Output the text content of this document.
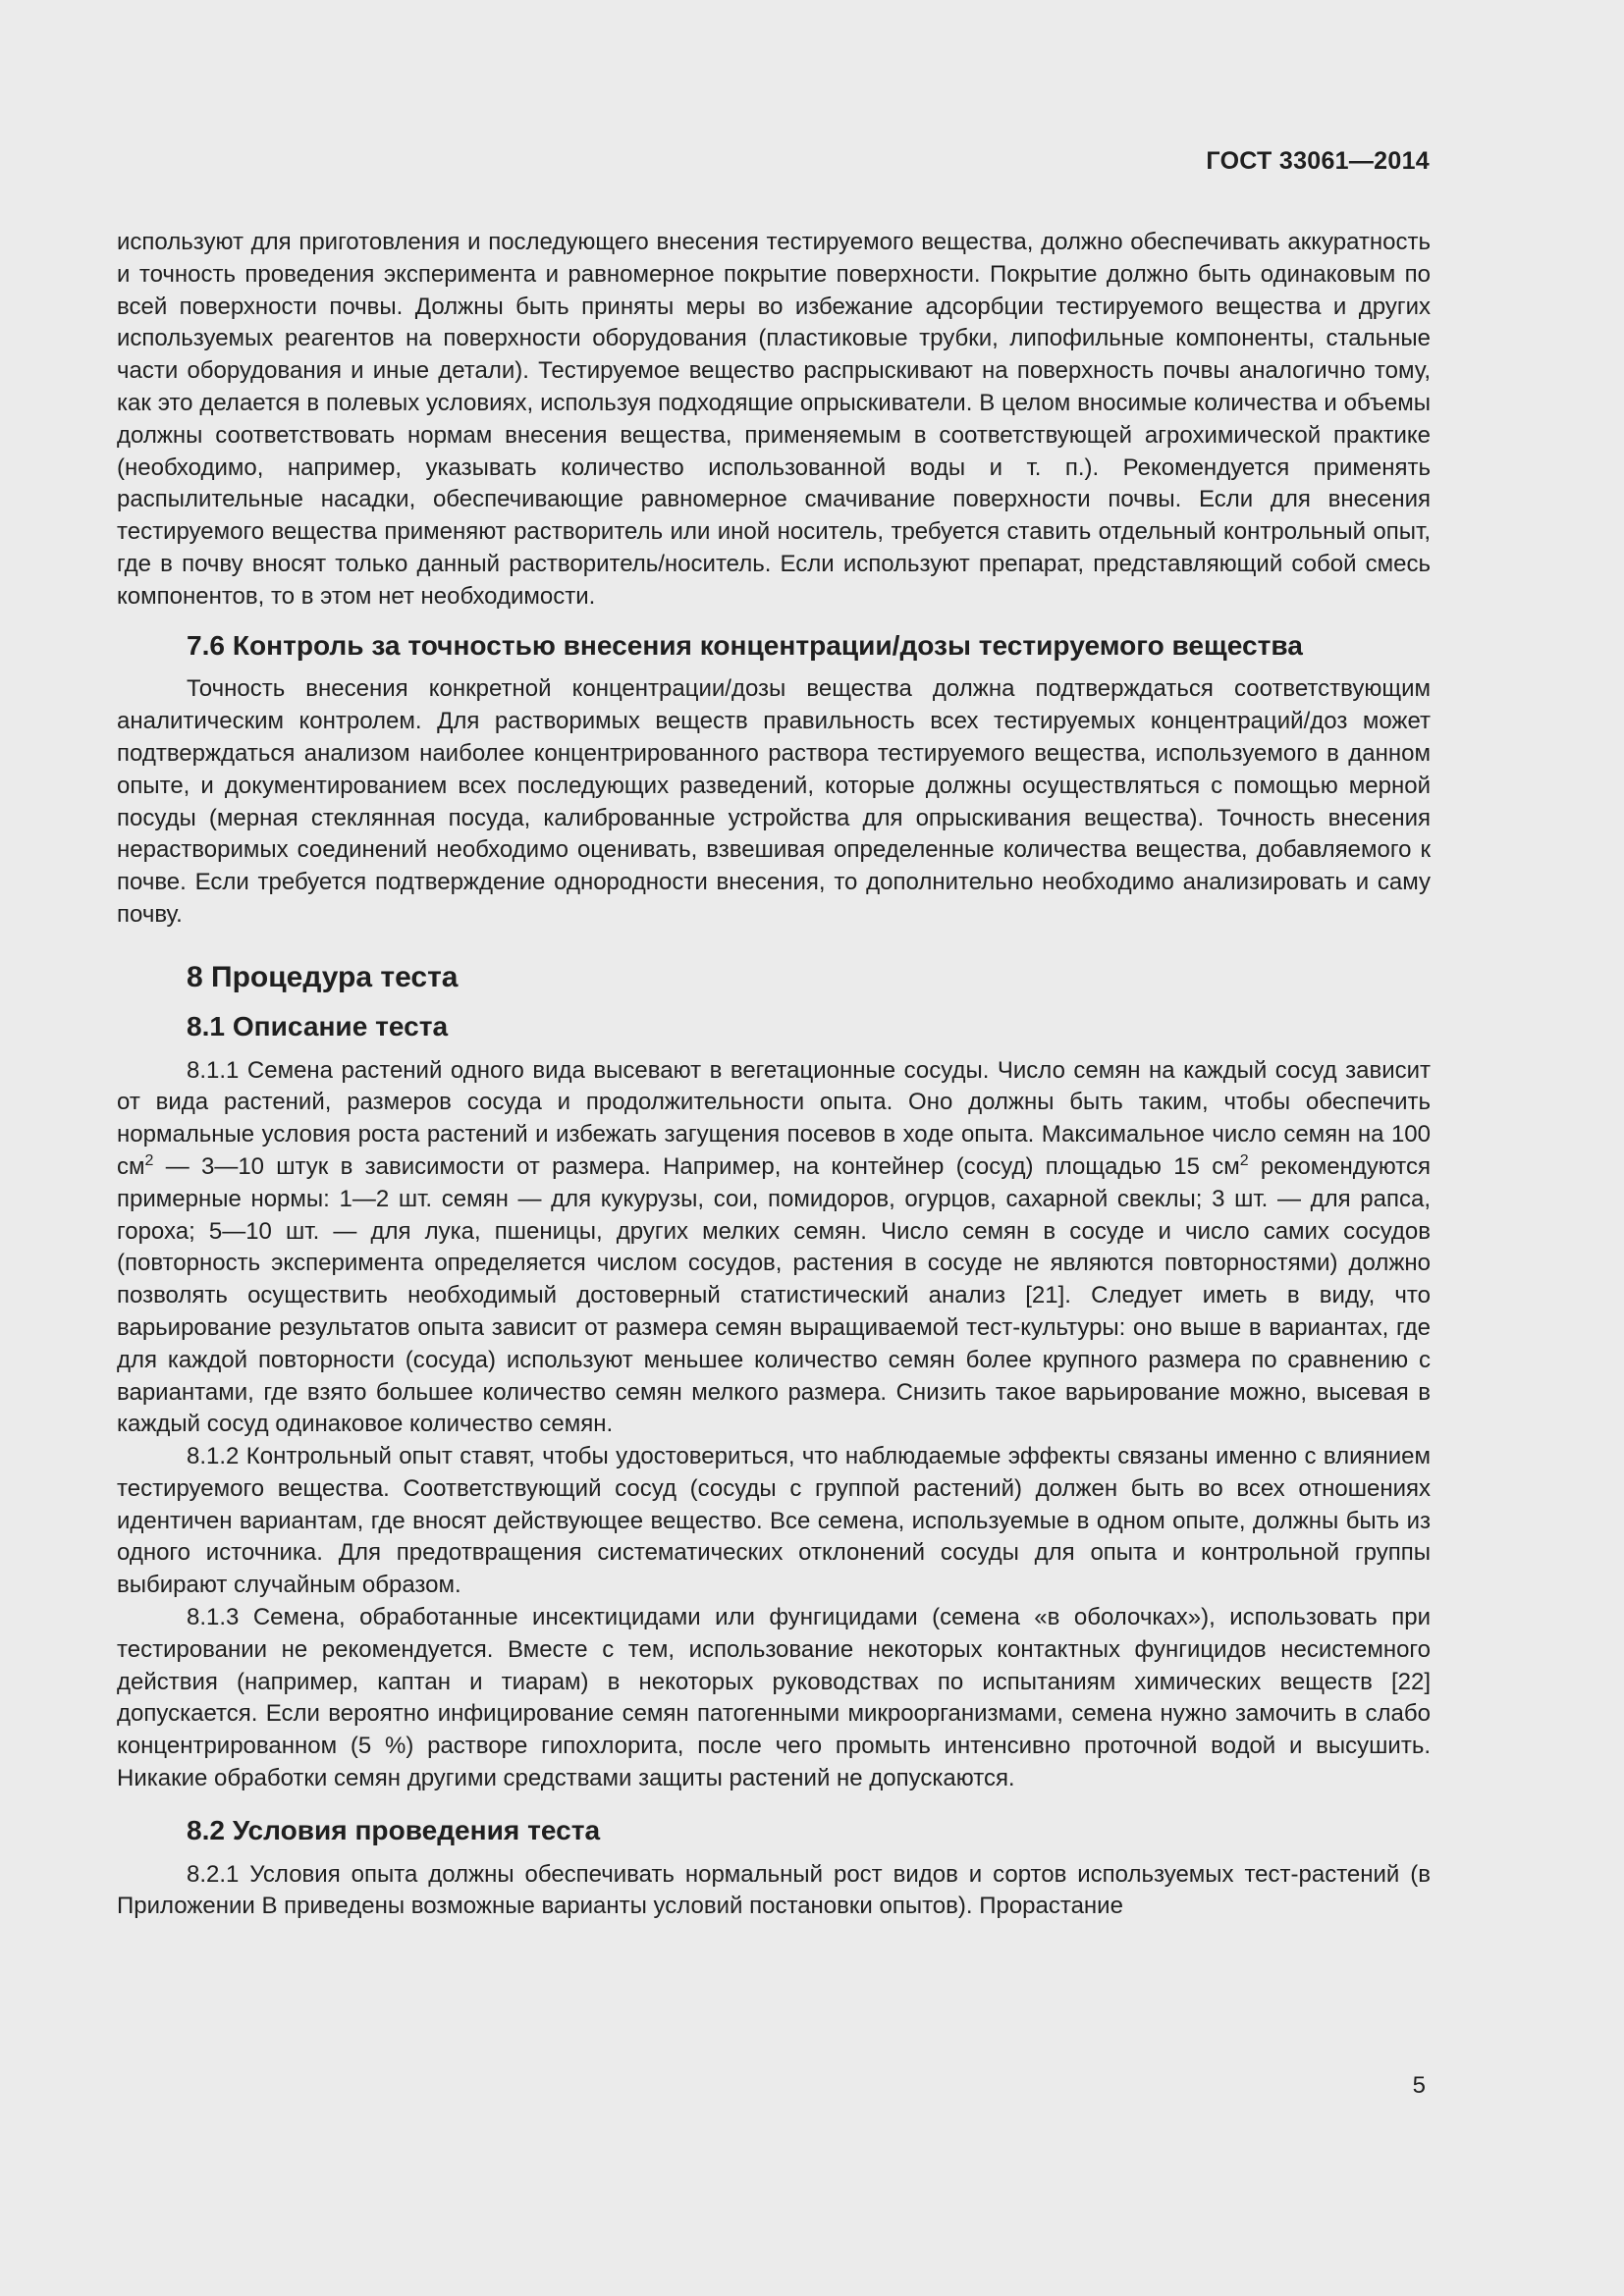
ГОСТ 33061—2014

используют для приготовления и последующего внесения тестируемого вещества, должно обеспечивать аккуратность и точность проведения эксперимента и равномерное покрытие поверхности. Покрытие должно быть одинаковым по всей поверхности почвы. Должны быть приняты меры во избежание адсорбции тестируемого вещества и других используемых реагентов на поверхности оборудования (пластиковые трубки, липофильные компоненты, стальные части оборудования и иные детали). Тестируемое вещество распрыскивают на поверхность почвы аналогично тому, как это делается в полевых условиях, используя подходящие опрыскиватели. В целом вносимые количества и объемы должны соответствовать нормам внесения вещества, применяемым в соответствующей агрохимической практике (необходимо, например, указывать количество использованной воды и т. п.). Рекомендуется применять распылительные насадки, обеспечивающие равномерное смачивание поверхности почвы. Если для внесения тестируемого вещества применяют растворитель или иной носитель, требуется ставить отдельный контрольный опыт, где в почву вносят только данный растворитель/носитель. Если используют препарат, представляющий собой смесь компонентов, то в этом нет необходимости.

7.6 Контроль за точностью внесения концентрации/дозы тестируемого вещества

Точность внесения конкретной концентрации/дозы вещества должна подтверждаться соответствующим аналитическим контролем. Для растворимых веществ правильность всех тестируемых концентраций/доз может подтверждаться анализом наиболее концентрированного раствора тестируемого вещества, используемого в данном опыте, и документированием всех последующих разведений, которые должны осуществляться с помощью мерной посуды (мерная стеклянная посуда, калиброванные устройства для опрыскивания вещества). Точность внесения нерастворимых соединений необходимо оценивать, взвешивая определенные количества вещества, добавляемого к почве. Если требуется подтверждение однородности внесения, то дополнительно необходимо анализировать и саму почву.

8 Процедура теста
8.1 Описание теста

8.1.1 Семена растений одного вида высевают в вегетационные сосуды. Число семян на каждый сосуд зависит от вида растений, размеров сосуда и продолжительности опыта. Оно должны быть таким, чтобы обеспечить нормальные условия роста растений и избежать загущения посевов в ходе опыта. Максимальное число семян на 100 $см^2$ — 3—10 штук в зависимости от размера. Например, на контейнер (сосуд) площадью 15 $см^2$ рекомендуются примерные нормы: 1—2 шт. семян — для кукурузы, сои, помидоров, огурцов, сахарной свеклы; 3 шт. — для рапса, гороха; 5—10 шт. — для лука, пшеницы, других мелких семян. Число семян в сосуде и число самих сосудов (повторность эксперимента определяется числом сосудов, растения в сосуде не являются повторностями) должно позволять осуществить необходимый достоверный статистический анализ [21]. Следует иметь в виду, что варьирование результатов опыта зависит от размера семян выращиваемой тест-культуры: оно выше в вариантах, где для каждой повторности (сосуда) используют меньшее количество семян более крупного размера по сравнению с вариантами, где взято большее количество семян мелкого размера. Снизить такое варьирование можно, высевая в каждый сосуд одинаковое количество семян.

8.1.2 Контрольный опыт ставят, чтобы удостовериться, что наблюдаемые эффекты связаны именно с влиянием тестируемого вещества. Соответствующий сосуд (сосуды с группой растений) должен быть во всех отношениях идентичен вариантам, где вносят действующее вещество. Все семена, используемые в одном опыте, должны быть из одного источника. Для предотвращения систематических отклонений сосуды для опыта и контрольной группы выбирают случайным образом.

8.1.3 Семена, обработанные инсектицидами или фунгицидами (семена «в оболочках»), использовать при тестировании не рекомендуется. Вместе с тем, использование некоторых контактных фунгицидов несистемного действия (например, каптан и тиарам) в некоторых руководствах по испытаниям химических веществ [22] допускается. Если вероятно инфицирование семян патогенными микроорганизмами, семена нужно замочить в слабо концентрированном (5 %) растворе гипохлорита, после чего промыть интенсивно проточной водой и высушить. Никакие обработки семян другими средствами защиты растений не допускаются.

8.2 Условия проведения теста

8.2.1 Условия опыта должны обеспечивать нормальный рост видов и сортов используемых тест-растений (в Приложении В приведены возможные варианты условий постановки опытов). Прорастание

5
